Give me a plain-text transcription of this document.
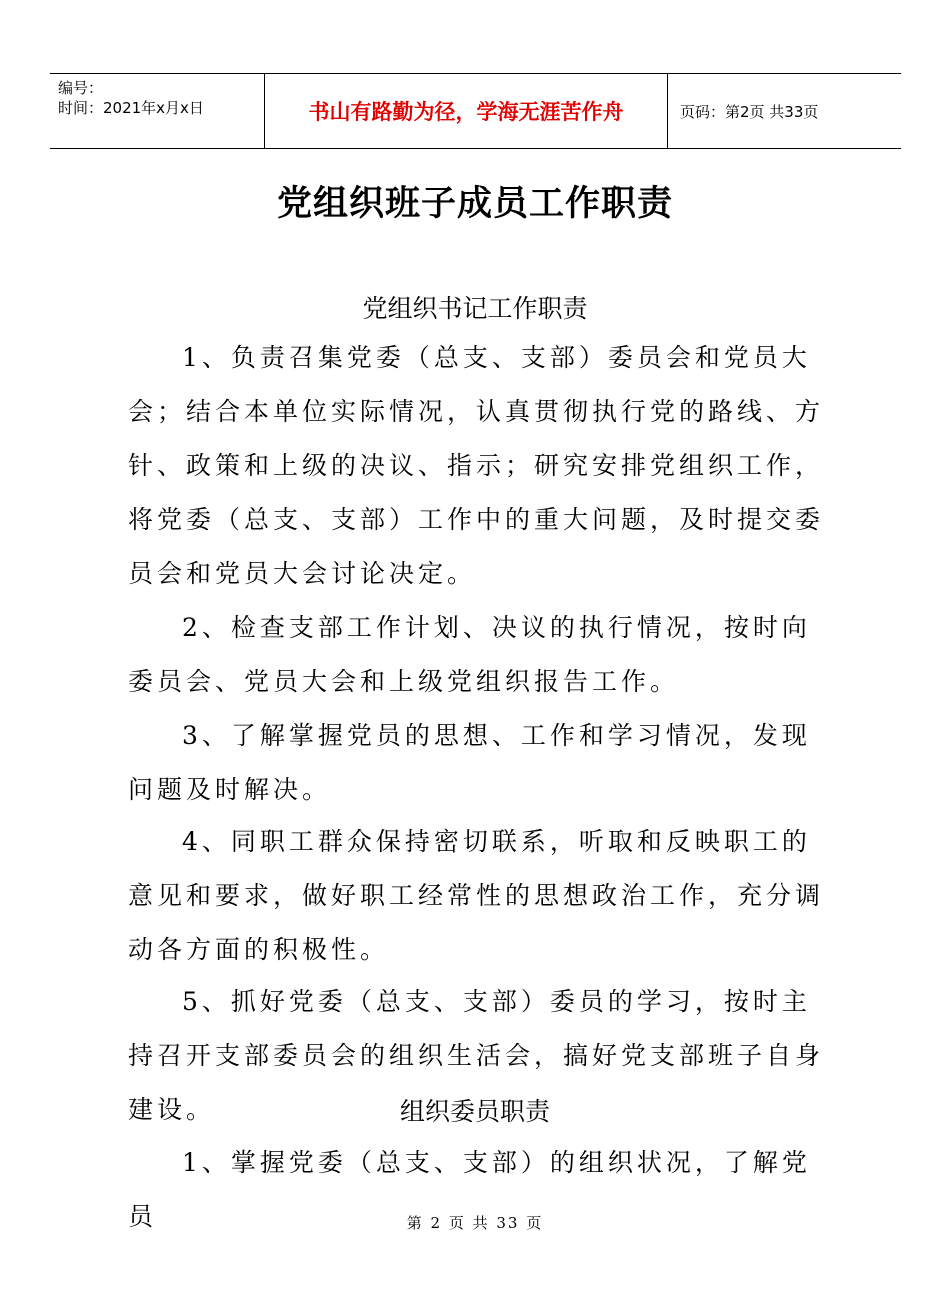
编号：
时间：2021年x月x日	书山有路勤为径，学海无涯苦作舟	页码：第2页 共33页
党组织班子成员工作职责
党组织书记工作职责

1、负责召集党委（总支、支部）委员会和党员大会；结合本单位实际情况，认真贯彻执行党的路线、方针、政策和上级的决议、指示；研究安排党组织工作，将党委（总支、支部）工作中的重大问题，及时提交委员会和党员大会讨论决定。

2、检查支部工作计划、决议的执行情况，按时向委员会、党员大会和上级党组织报告工作。

3、了解掌握党员的思想、工作和学习情况，发现问题及时解决。

4、同职工群众保持密切联系，听取和反映职工的意见和要求，做好职工经常性的思想政治工作，充分调动各方面的积极性。

5、抓好党委（总支、支部）委员的学习，按时主持召开支部委员会的组织生活会，搞好党支部班子自身建设。	组织委员职责

1、掌握党委（总支、支部）的组织状况，了解党员	第 2 页 共 33 页
